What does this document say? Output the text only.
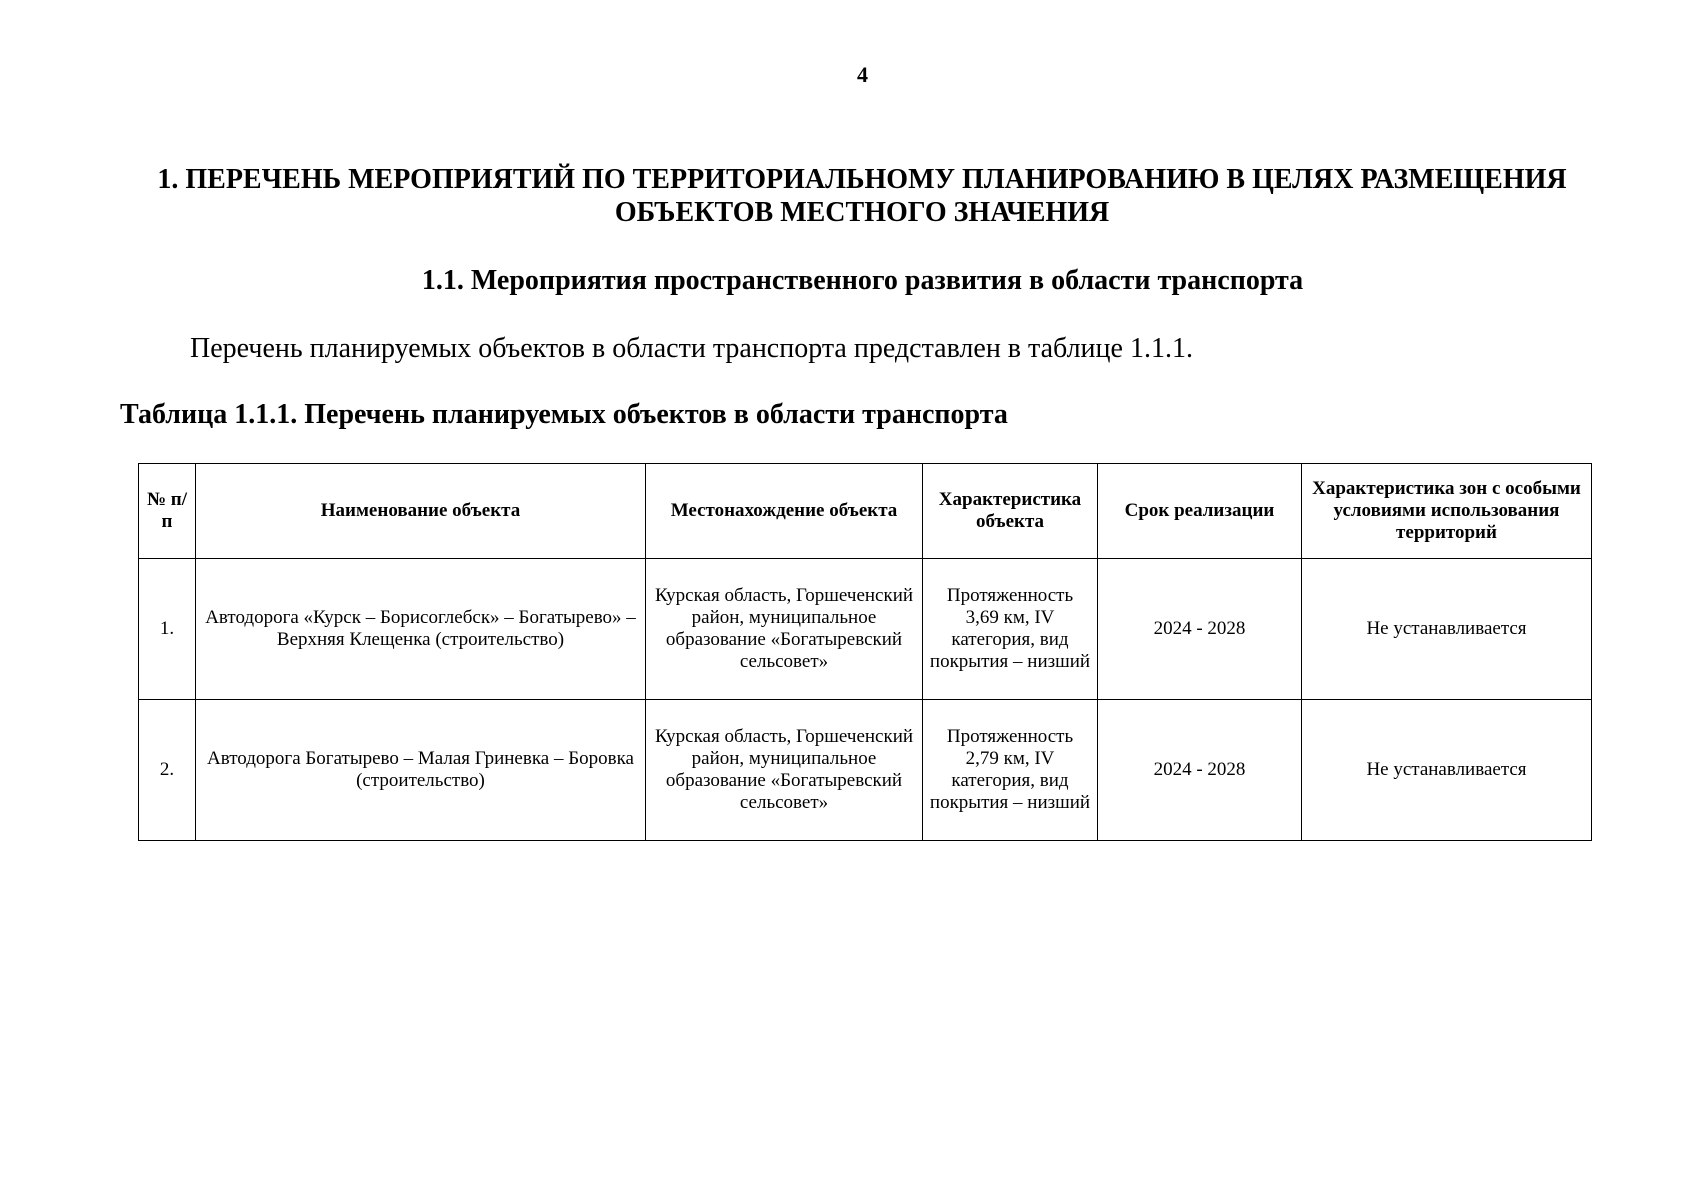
4
1. ПЕРЕЧЕНЬ МЕРОПРИЯТИЙ ПО ТЕРРИТОРИАЛЬНОМУ ПЛАНИРОВАНИЮ В ЦЕЛЯХ РАЗМЕЩЕНИЯ ОБЪЕКТОВ МЕСТНОГО ЗНАЧЕНИЯ
1.1. Мероприятия пространственного развития в области транспорта
Перечень планируемых объектов в области транспорта представлен в таблице 1.1.1.
Таблица 1.1.1. Перечень планируемых объектов в области транспорта
№ п/п	Наименование объекта	Местонахождение объекта	Характеристика объекта	Срок реализации	Характеристика зон с особыми условиями использования территорий
1.	Автодорога «Курск – Борисоглебск» – Богатырево» – Верхняя Клещенка (строительство)	Курская область, Горшеченский район, муниципальное образование «Богатыревский сельсовет»	Протяженность 3,69 км, IV категория, вид покрытия – низший	2024 - 2028	Не устанавливается
2.	Автодорога Богатырево – Малая Гриневка – Боровка (строительство)	Курская область, Горшеченский район, муниципальное образование «Богатыревский сельсовет»	Протяженность 2,79 км, IV категория, вид покрытия – низший	2024 - 2028	Не устанавливается
